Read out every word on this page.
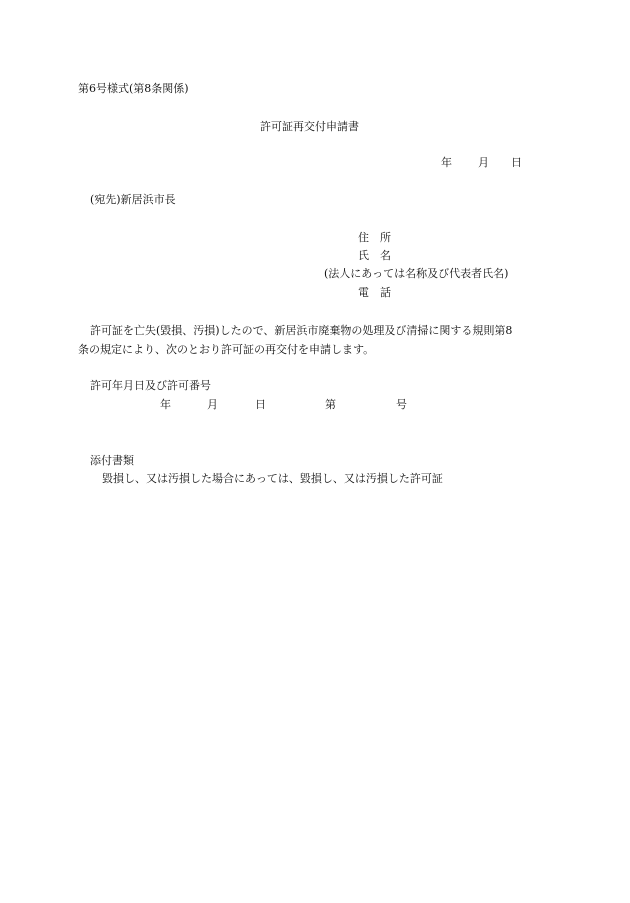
第6号様式(第8条関係)
許可証再交付申請書
年 月 日
(宛先)新居浜市長
住　所
氏　名
(法人にあっては名称及び代表者氏名)
電　話
許可証を亡失(毀損、汚損)したので、新居浜市廃棄物の処理及び清掃に関する規則第8
条の規定により、次のとおり許可証の再交付を申請します。
許可年月日及び許可番号
年	月	日	第	号
添付書類
毀損し、又は汚損した場合にあっては、毀損し、又は汚損した許可証
